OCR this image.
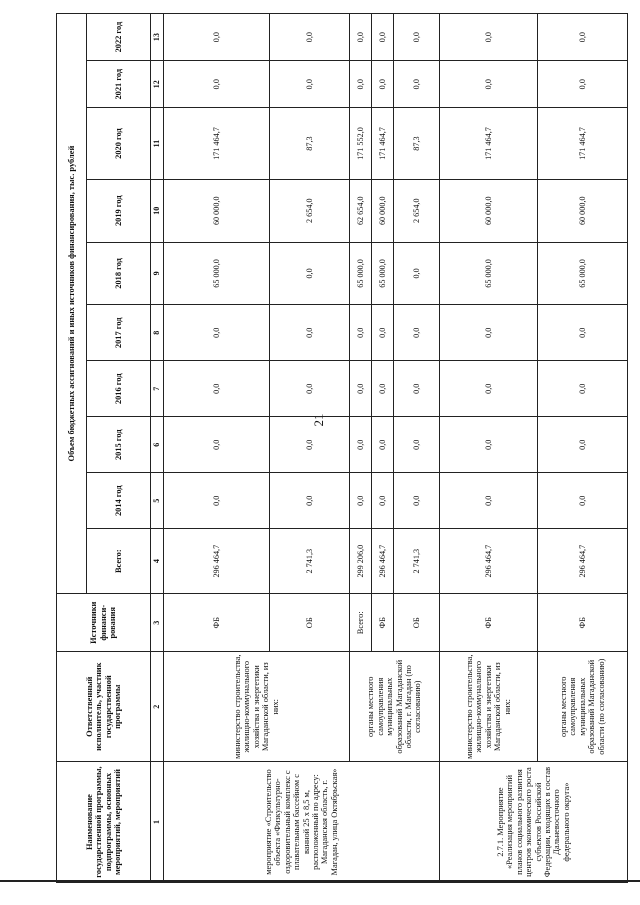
21
Наименование государственной программы, подпрограммы, основных мероприятий, мероприятий	Ответственный исполнитель, участник государственной программы	Источники финанси-рования	Объем бюджетных ассигнований и иных источников финансирования, тыс. рублей									
			Всего:	2014 год	2015 год	2016 год	2017 год	2018 год	2019 год	2020 год	2021 год	2022 год
1	2	3	4	5	6	7	8	9	10	11	12	13
мероприятие «Строительство объекта «Физкультурно-оздоровительный комплекс с плавательным бассейном с ванной 25 x 8,5 м, расположенный по адресу: Магаданская область, г. Магадан, улица Октябрьская»	министерство строительства, жилищно-коммунального хозяйства и энергетики Магаданской области, из них:	ФБ	296 464,7	0,0	0,0	0,0	0,0	65 000,0	60 000,0	171 464,7	0,0	0,0
		ОБ	2 741,3	0,0	0,0	0,0	0,0	0,0	2 654,0	87,3	0,0	0,0
	органы местного самоуправления муниципальных образований Магаданской области, г. Магадан (по согласованию)	Всего:	299 206,0	0,0	0,0	0,0	0,0	65 000,0	62 654,0	171 552,0	0,0	0,0
		ФБ	296 464,7	0,0	0,0	0,0	0,0	65 000,0	60 000,0	171 464,7	0,0	0,0
		ОБ	2 741,3	0,0	0,0	0,0	0,0	0,0	2 654,0	87,3	0,0	0,0
2.7.1. Мероприятие «Реализация мероприятий планов социального развития центров экономического роста субъектов Российской Федерации, входящих в состав Дальневосточного федерального округа»	министерство строительства, жилищно-коммунального хозяйства и энергетики Магаданской области, из них:	ФБ	296 464,7	0,0	0,0	0,0	0,0	65 000,0	60 000,0	171 464,7	0,0	0,0
	органы местного самоуправления муниципальных образований Магаданской области (по согласованию)	ФБ	296 464,7	0,0	0,0	0,0	0,0	65 000,0	60 000,0	171 464,7	0,0	0,0
